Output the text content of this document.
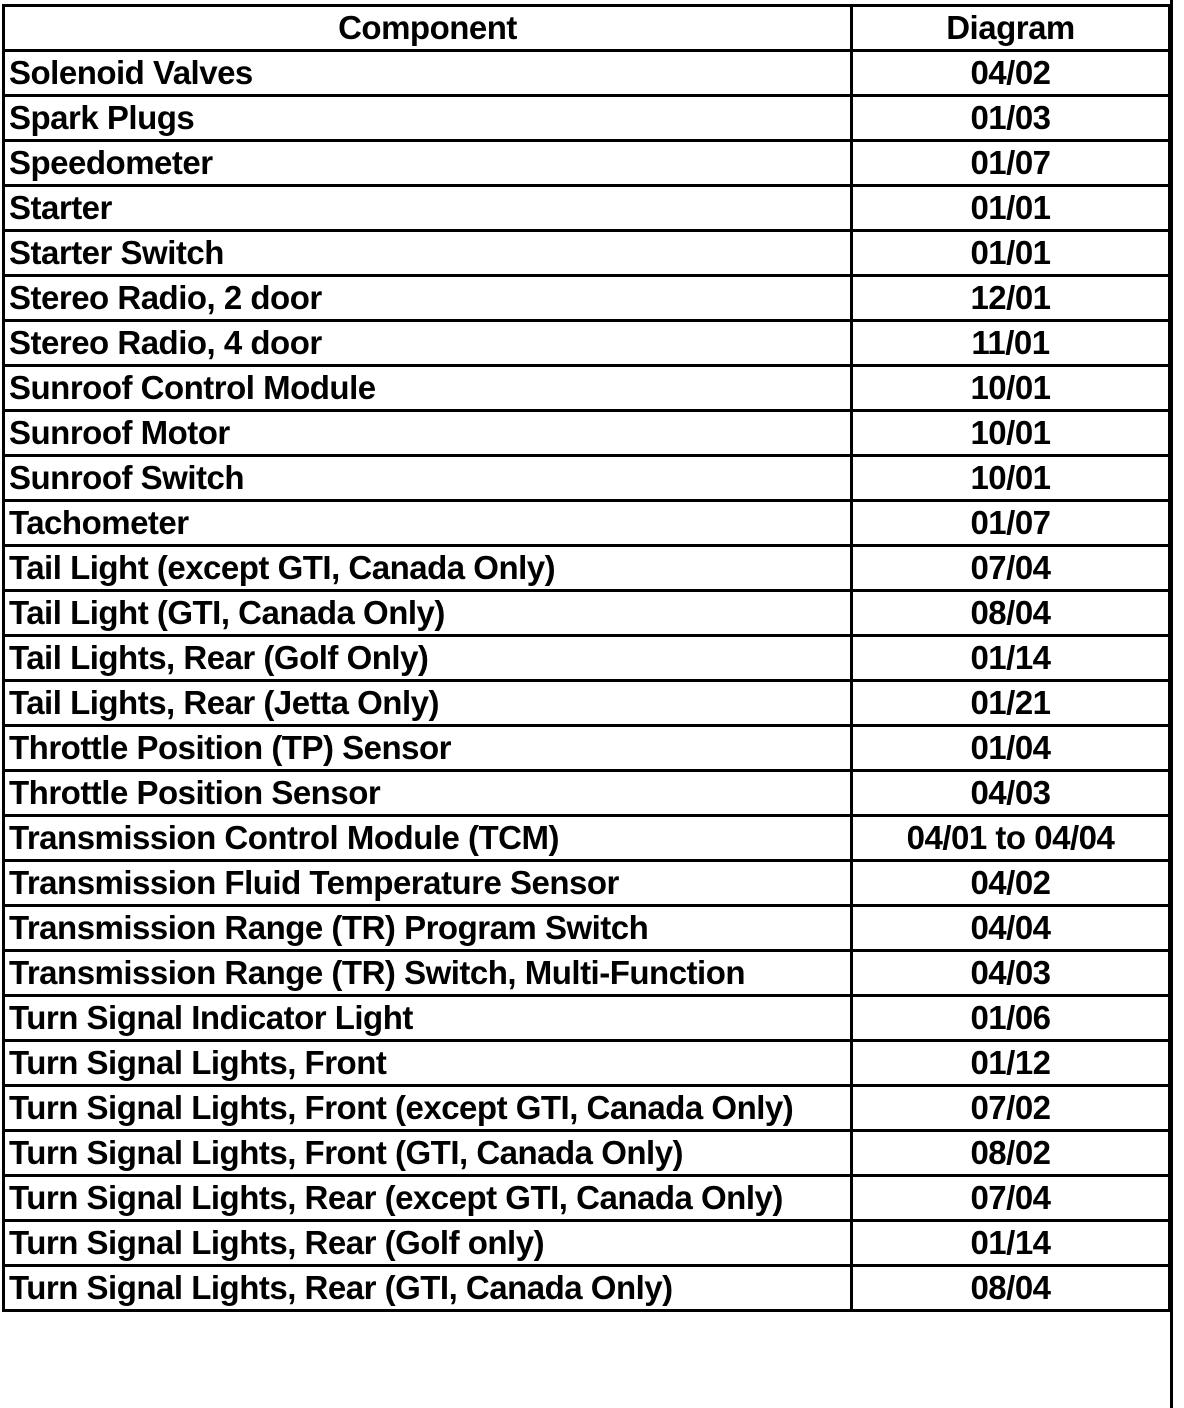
Component	Diagram
Solenoid Valves	04/02
Spark Plugs	01/03
Speedometer	01/07
Starter	01/01
Starter Switch	01/01
Stereo Radio, 2 door	12/01
Stereo Radio, 4 door	11/01
Sunroof Control Module	10/01
Sunroof Motor	10/01
Sunroof Switch	10/01
Tachometer	01/07
Tail Light (except GTI, Canada Only)	07/04
Tail Light (GTI, Canada Only)	08/04
Tail Lights, Rear (Golf Only)	01/14
Tail Lights, Rear (Jetta Only)	01/21
Throttle Position (TP) Sensor	01/04
Throttle Position Sensor	04/03
Transmission Control Module (TCM)	04/01 to 04/04
Transmission Fluid Temperature Sensor	04/02
Transmission Range (TR) Program Switch	04/04
Transmission Range (TR) Switch, Multi-Function	04/03
Turn Signal Indicator Light	01/06
Turn Signal Lights, Front	01/12
Turn Signal Lights, Front (except GTI, Canada Only)	07/02
Turn Signal Lights, Front (GTI, Canada Only)	08/02
Turn Signal Lights, Rear (except GTI, Canada Only)	07/04
Turn Signal Lights, Rear (Golf only)	01/14
Turn Signal Lights, Rear (GTI, Canada Only)	08/04
